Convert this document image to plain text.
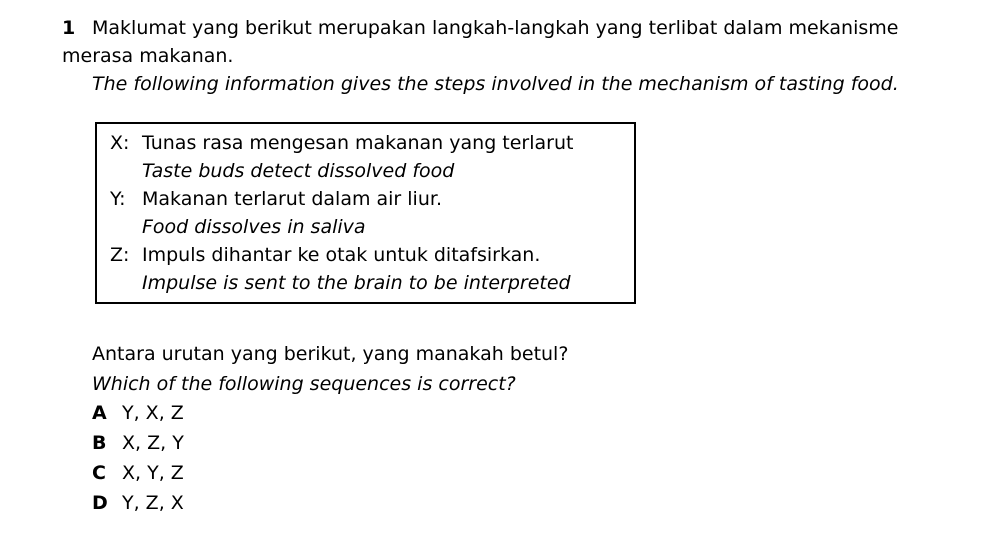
1 Maklumat yang berikut merupakan langkah-langkah yang terlibat dalam mekanisme merasa makanan.

The following information gives the steps involved in the mechanism of tasting food.

X: Tunas rasa mengesan makanan yang terlarut
Taste buds detect dissolved food
Y: Makanan terlarut dalam air liur.
Food dissolves in saliva
Z: Impuls dihantar ke otak untuk ditafsirkan.
Impulse is sent to the brain to be interpreted
Antara urutan yang berikut, yang manakah betul?
Which of the following sequences is correct?
A Y, X, Z
B X, Z, Y
C X, Y, Z
D Y, Z, X
